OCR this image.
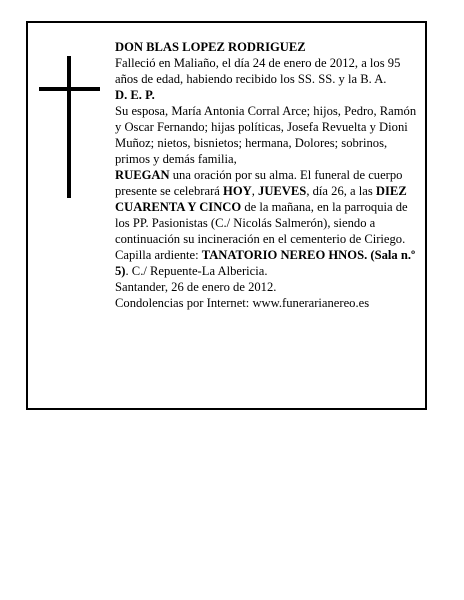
DON BLAS LOPEZ RODRIGUEZ

Falleció en Maliaño, el día 24 de enero de 2012, a los 95 años de edad, habiendo recibido los SS. SS. y la B. A.

D. E. P.

Su esposa, María Antonia Corral Arce; hijos, Pedro, Ramón y Oscar Fernando; hijas políticas, Josefa Revuelta y Dioni Muñoz; nietos, bisnietos; hermana, Dolores; sobrinos, primos y demás familia,

RUEGAN una oración por su alma. El funeral de cuerpo presente se celebrará HOY, JUEVES, día 26, a las DIEZ CUARENTA Y CINCO de la mañana, en la parroquia de los PP. Pasionistas (C./ Nicolás Salmerón), siendo a continuación su incineración en el cementerio de Ciriego.

Capilla ardiente: TANATORIO NEREO HNOS. (Sala n.º 5). C./ Repuente-La Albericia.

Santander, 26 de enero de 2012.

Condolencias por Internet: www.funerarianereo.es
